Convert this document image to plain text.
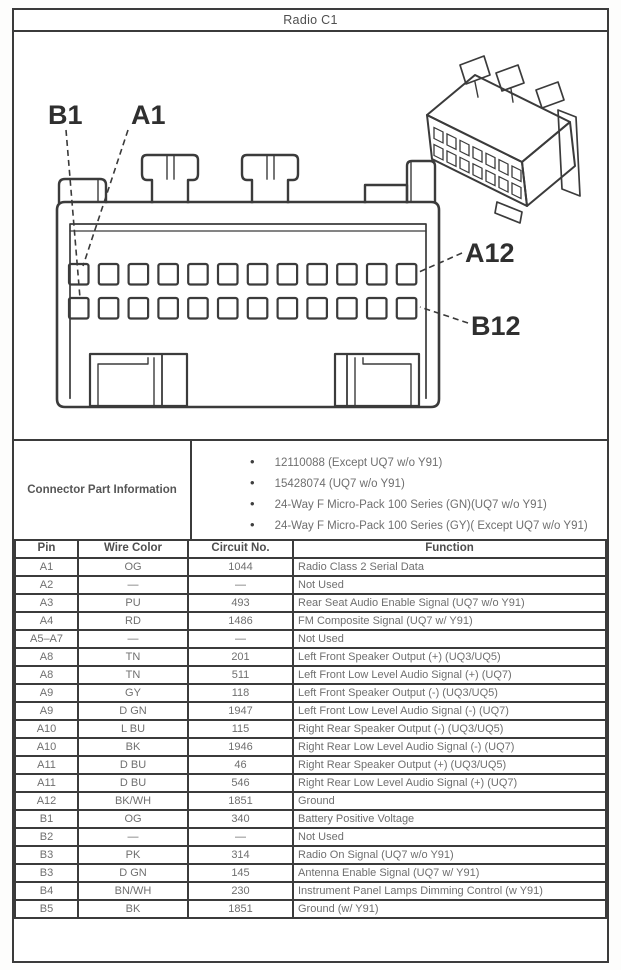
Radio C1
B1 A1
A12
B12
Connector Part Information
• 12110088 (Except UQ7 w/o Y91)
• 15428074 (UQ7 w/o Y91)
• 24-Way F Micro-Pack 100 Series (GN)(UQ7 w/o Y91)
• 24-Way F Micro-Pack 100 Series (GY)( Except UQ7 w/o Y91)
Pin	Wire Color	Circuit No.	Function
A1	OG	1044	Radio Class 2 Serial Data
A2	—	—	Not Used
A3	PU	493	Rear Seat Audio Enable Signal (UQ7 w/o Y91)
A4	RD	1486	FM Composite Signal (UQ7 w/ Y91)
A5–A7	—	—	Not Used
A8	TN	201	Left Front Speaker Output (+) (UQ3/UQ5)
A8	TN	511	Left Front Low Level Audio Signal (+) (UQ7)
A9	GY	118	Left Front Speaker Output (-) (UQ3/UQ5)
A9	D GN	1947	Left Front Low Level Audio Signal (-) (UQ7)
A10	L BU	115	Right Rear Speaker Output (-) (UQ3/UQ5)
A10	BK	1946	Right Rear Low Level Audio Signal (-) (UQ7)
A11	D BU	46	Right Rear Speaker Output (+) (UQ3/UQ5)
A11	D BU	546	Right Rear Low Level Audio Signal (+) (UQ7)
A12	BK/WH	1851	Ground
B1	OG	340	Battery Positive Voltage
B2	—	—	Not Used
B3	PK	314	Radio On Signal (UQ7 w/o Y91)
B3	D GN	145	Antenna Enable Signal (UQ7 w/ Y91)
B4	BN/WH	230	Instrument Panel Lamps Dimming Control (w Y91)
B5	BK	1851	Ground (w/ Y91)
